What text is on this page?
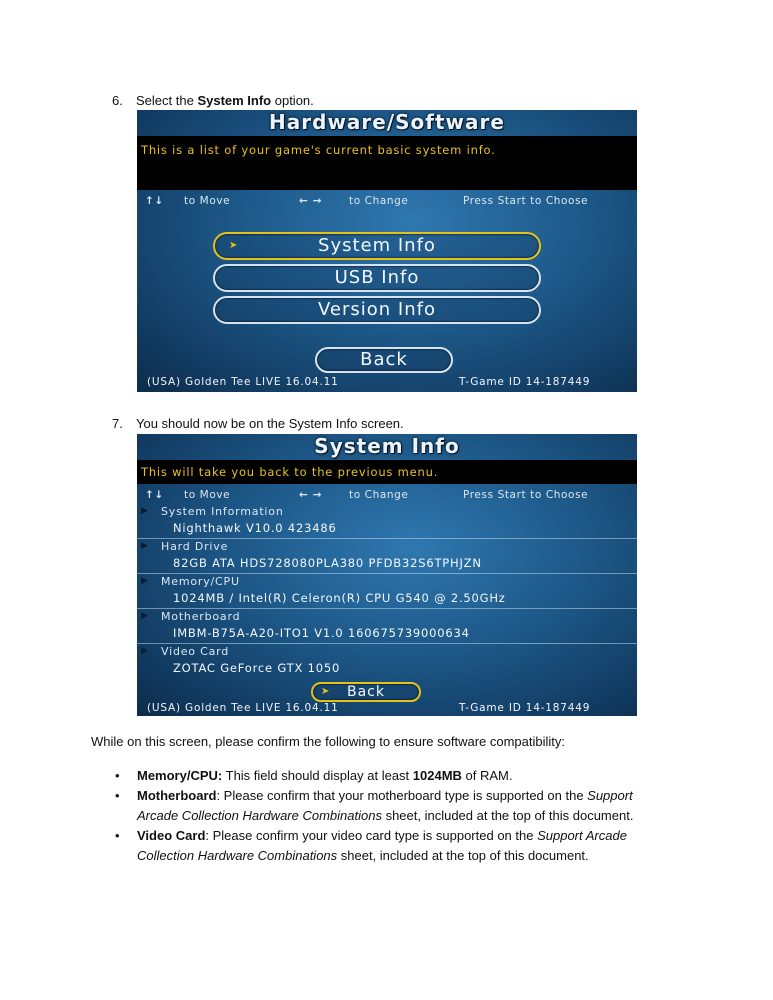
6. Select the System Info option.
Hardware/Software
This is a list of your game's current basic system info.
↑↓ to Move	← →	to Change	Press Start to Choose
➤	System Info
USB Info
Version Info
Back
(USA) Golden Tee LIVE 16.04.11	T-Game ID 14-187449
7. You should now be on the System Info screen.
System Info
This will take you back to the previous menu.
↑↓ to Move	← →	to Change	Press Start to Choose
▶ System Information
Nighthawk V10.0 423486
▶ Hard Drive
82GB ATA HDS728080PLA380 PFDB32S6TPHJZN
▶ Memory/CPU
1024MB / Intel(R) Celeron(R) CPU G540 @ 2.50GHz
▶ Motherboard
IMBM-B75A-A20-ITO1 V1.0 160675739000634
▶ Video Card
ZOTAC GeForce GTX 1050
➤ Back
(USA) Golden Tee LIVE 16.04.11	T-Game ID 14-187449
While on this screen, please confirm the following to ensure software compatibility:
• Memory/CPU: This field should display at least 1024MB of RAM.
• Motherboard: Please confirm that your motherboard type is supported on the Support Arcade Collection Hardware Combinations sheet, included at the top of this document.
• Video Card: Please confirm your video card type is supported on the Support Arcade Collection Hardware Combinations sheet, included at the top of this document.
